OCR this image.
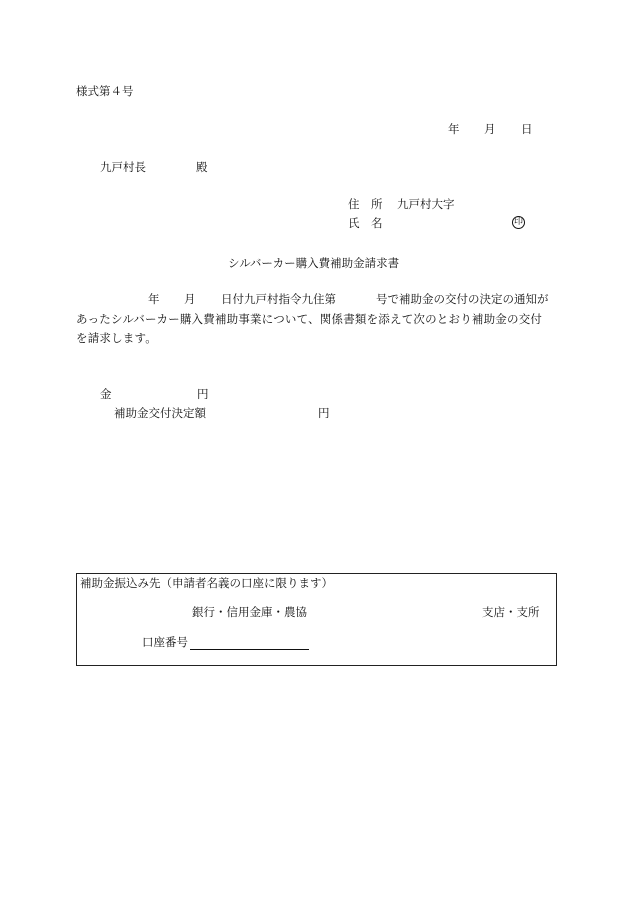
様式第４号
年 月 日
九戸村長	殿
住　所 九戸村大字
氏　名	印
シルバーカー購入費補助金請求書
年 月 日付九戸村指令九住第	号で補助金の交付の決定の通知が
あったシルバーカー購入費補助事業について、関係書類を添えて次のとおり補助金の交付
を請求します。
金	円
補助金交付決定額	円
補助金振込み先（申請者名義の口座に限ります）
銀行・信用金庫・農協	支店・支所
口座番号
